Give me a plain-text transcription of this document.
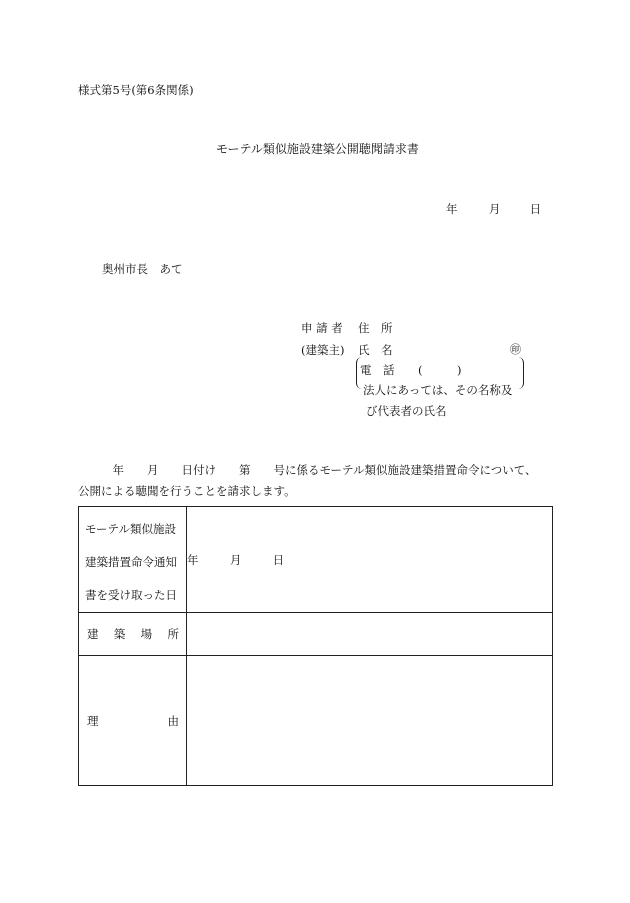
様式第5号(第6条関係)
モーテル類似施設建築公開聴聞請求書
年	月	日
奥州市長　あて
申 請 者 住　所
(建築主) 氏　名	㊞
電　話 (　　　)
法人にあっては、その名称及
び代表者の氏名
　　　年　　月　　日付け　　第　　号に係るモーテル類似施設建築措置命令について、
公開による聴聞を行うことを請求します。
モーテル類似施設
建築措置命令通知
書を受け取った日	年 月 日

建 築 場 所	

理 由	
